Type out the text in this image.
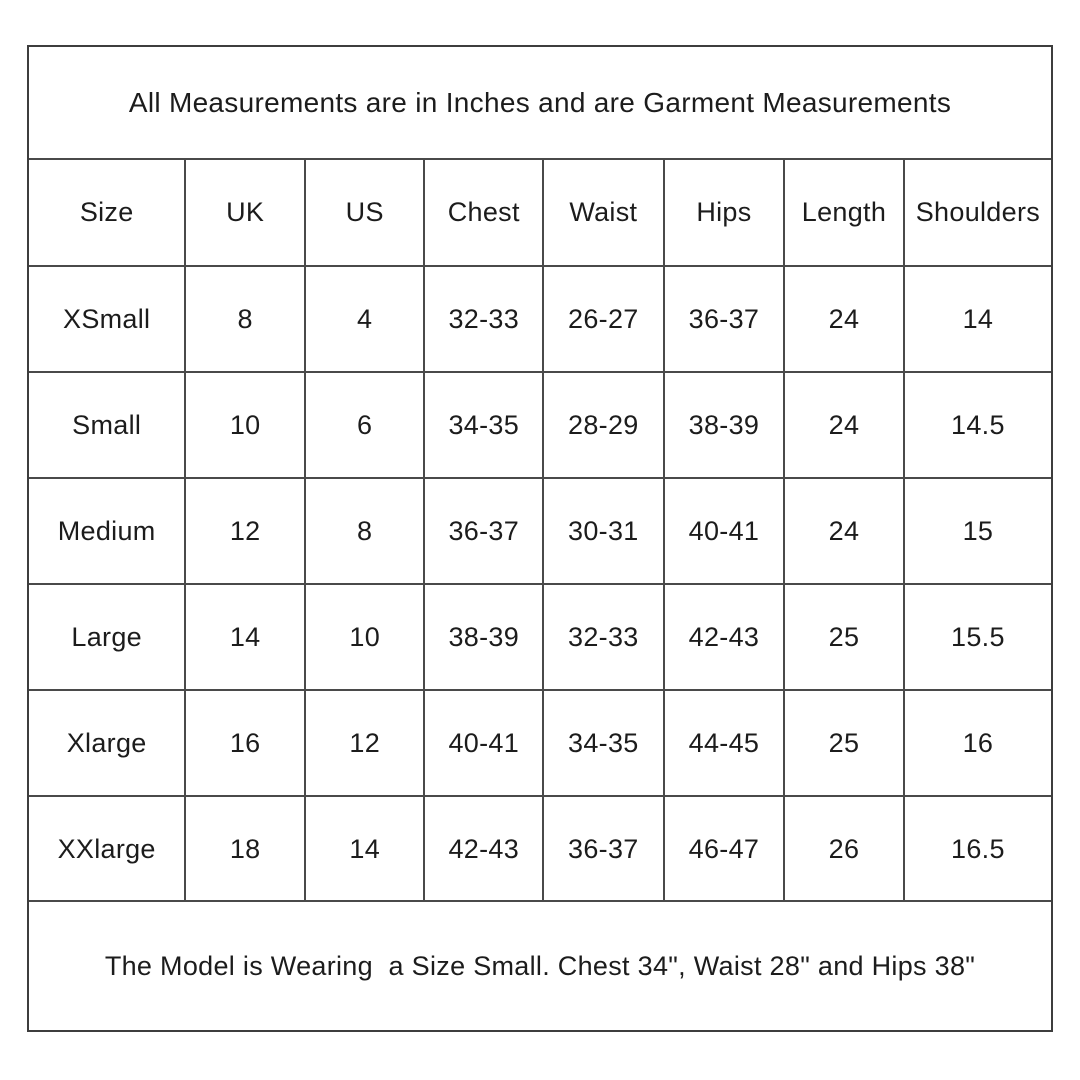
All Measurements are in Inches and are Garment Measurements
Size	UK	US	Chest	Waist	Hips	Length	Shoulders
XSmall	8	4	32-33	26-27	36-37	24	14
Small	10	6	34-35	28-29	38-39	24	14.5
Medium	12	8	36-37	30-31	40-41	24	15
Large	14	10	38-39	32-33	42-43	25	15.5
Xlarge	16	12	40-41	34-35	44-45	25	16
XXlarge	18	14	42-43	36-37	46-47	26	16.5
The Model is Wearing  a Size Small. Chest 34", Waist 28" and Hips 38"
